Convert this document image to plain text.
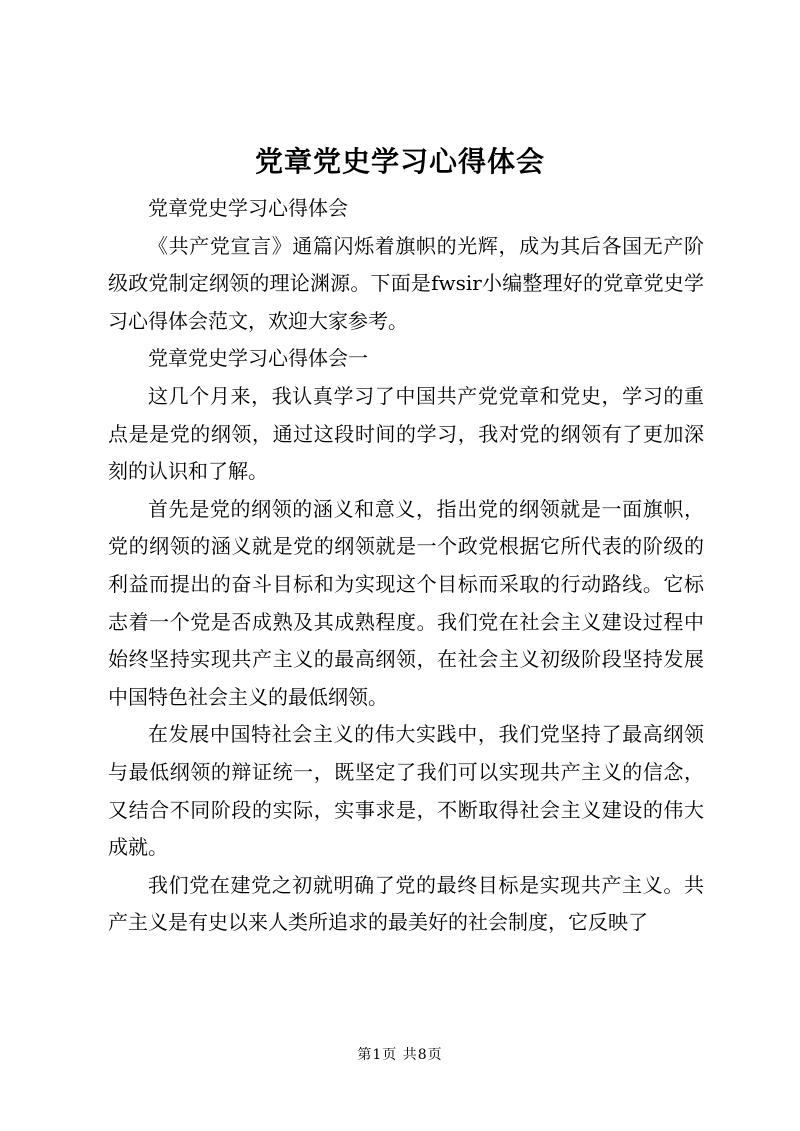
党章党史学习心得体会

党章党史学习心得体会

《共产党宣言》通篇闪烁着旗帜的光辉，成为其后各国无产阶级政党制定纲领的理论渊源。下面是fwsir小编整理好的党章党史学习心得体会范文，欢迎大家参考。

党章党史学习心得体会一

这几个月来，我认真学习了中国共产党党章和党史，学习的重点是是党的纲领，通过这段时间的学习，我对党的纲领有了更加深刻的认识和了解。

首先是党的纲领的涵义和意义，指出党的纲领就是一面旗帜，党的纲领的涵义就是党的纲领就是一个政党根据它所代表的阶级的利益而提出的奋斗目标和为实现这个目标而采取的行动路线。它标志着一个党是否成熟及其成熟程度。我们党在社会主义建设过程中始终坚持实现共产主义的最高纲领，在社会主义初级阶段坚持发展中国特色社会主义的最低纲领。

在发展中国特社会主义的伟大实践中，我们党坚持了最高纲领与最低纲领的辩证统一，既坚定了我们可以实现共产主义的信念，又结合不同阶段的实际，实事求是，不断取得社会主义建设的伟大成就。

我们党在建党之初就明确了党的最终目标是实现共产主义。共产主义是有史以来人类所追求的最美好的社会制度，它反映了

第1页 共8页
